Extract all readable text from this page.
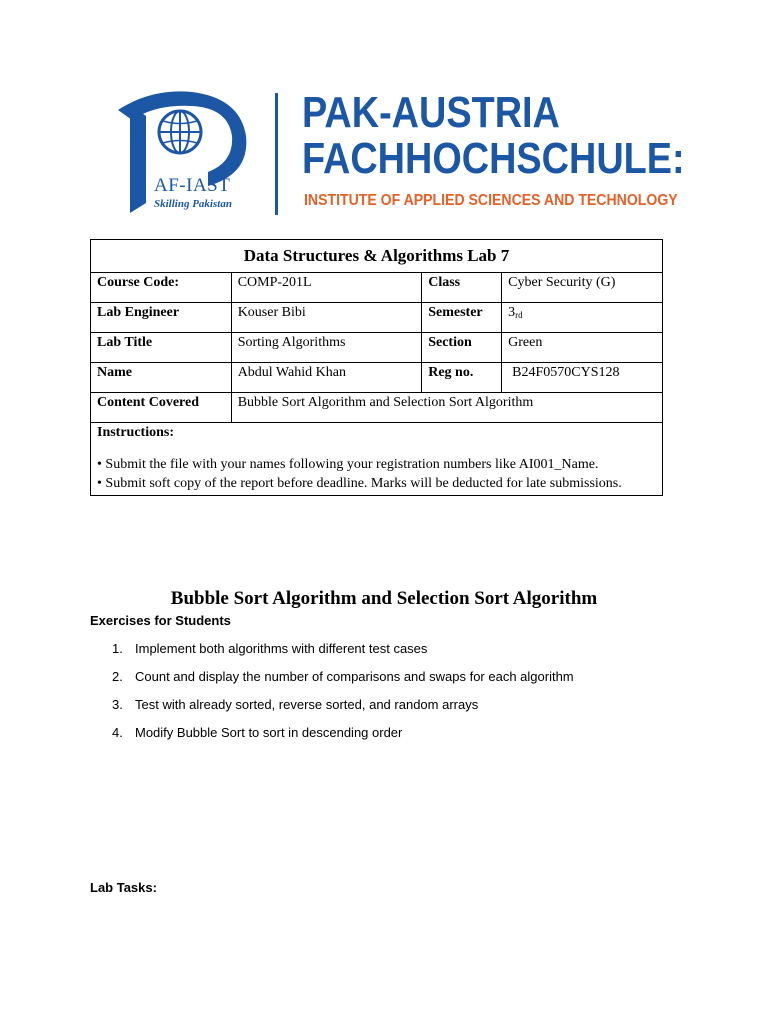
AF-IAST
Skilling Pakistan
PAK-AUSTRIA
FACHHOCHSCHULE:
INSTITUTE OF APPLIED SCIENCES AND TECHNOLOGY
Data Structures & Algorithms Lab 7			
Course Code:	COMP-201L	Class	Cyber Security (G)
Lab Engineer	Kouser Bibi	Semester	$3_{rd}$
Lab Title	Sorting Algorithms	Section	Green
Name	Abdul Wahid Khan	Reg no.	B24F0570CYS128
Content Covered	Bubble Sort Algorithm and Selection Sort Algorithm		

Instructions:
• Submit the file with your names following your registration numbers like AI001_Name.
• Submit soft copy of the report before deadline. Marks will be deducted for late submissions.			
Bubble Sort Algorithm and Selection Sort Algorithm
Exercises for Students
1. Implement both algorithms with different test cases
2. Count and display the number of comparisons and swaps for each algorithm
3. Test with already sorted, reverse sorted, and random arrays
4. Modify Bubble Sort to sort in descending order
Lab Tasks:
